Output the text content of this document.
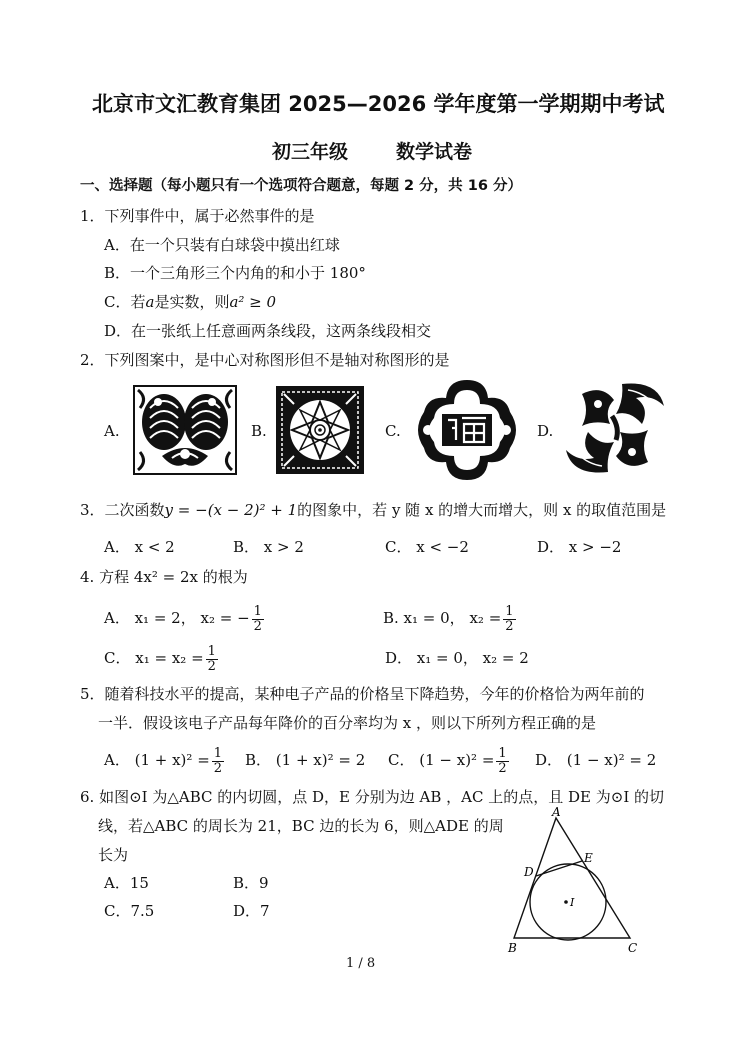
北京市文汇教育集团 2025—2026 学年度第一学期期中考试
初三年级	数学试卷
一、选择题（每小题只有一个选项符合题意，每题 2 分，共 16 分）
1．下列事件中，属于必然事件的是
A．在一个只装有白球袋中摸出红球
B．一个三角形三个内角的和小于 180°
C．若a是实数，则a² ≥ 0
D．在一张纸上任意画两条线段，这两条线段相交
2．下列图案中，是中心对称图形但不是轴对称图形的是
A.	B.	C.	D.
3．二次函数y = −(x − 2)² + 1的图象中，若 y 随 x 的增大而增大，则 x 的取值范围是
A． x < 2	B． x > 2	C． x < −2	D． x > −2
4. 方程 4x² = 2x 的根为
A． x₁ = 2， x₂ = − $\frac{1}{2}$	B. x₁ = 0， $x_2 = \frac{1}{2}$
C． $x_1 = x_2 = \frac{1}{2}$	D． x₁ = 0， x₂ = 2
5．随着科技水平的提高，某种电子产品的价格呈下降趋势，今年的价格恰为两年前的
一半．假设该电子产品每年降价的百分率均为 x ，则以下所列方程正确的是
A． $(1 + x)^2 = \frac{1}{2}$ B． (1 + x)² = 2 C． $(1 - x)^2 = \frac{1}{2}$ D． (1 − x)² = 2
6. 如图⊙I 为△ABC 的内切圆，点 D，E 分别为边 AB ，AC 上的点，且 DE 为⊙I 的切
线，若△ABC 的周长为 21，BC 边的长为 6，则△ADE 的周
长为
A．15	B．9
C．7.5	D．7
A
B	C
D
E
I
1 / 8
